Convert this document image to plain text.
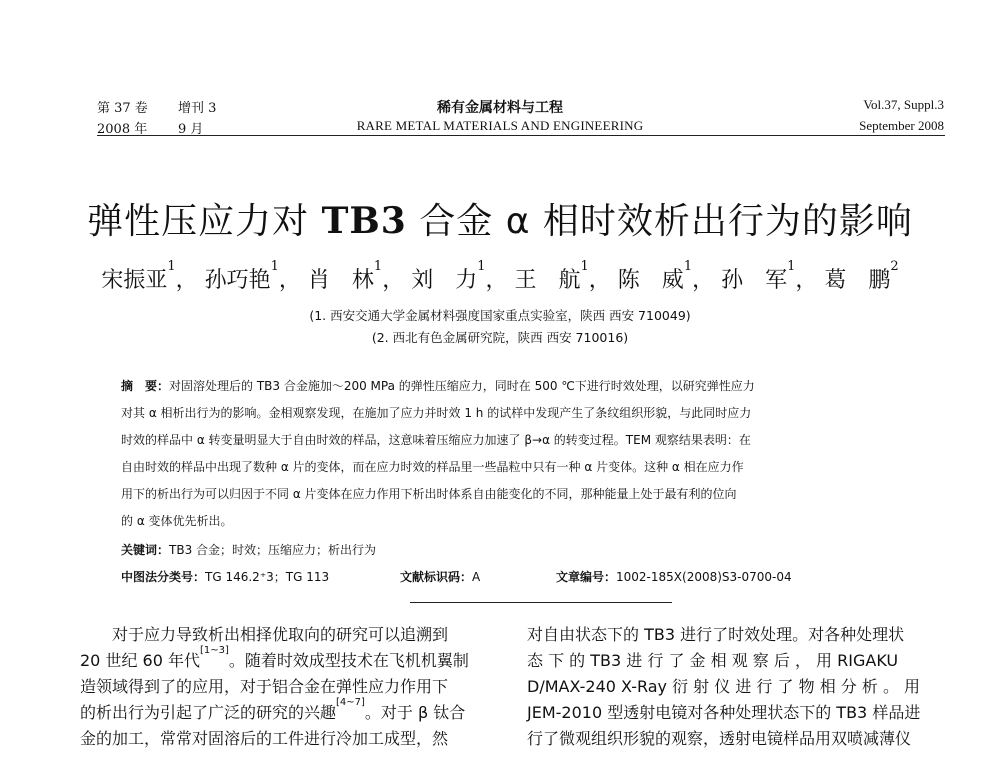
第 37 卷 增刊 3
2008 年 9 月
稀有金属材料与工程
RARE METAL MATERIALS AND ENGINEERING
Vol.37, Suppl.3
September 2008
弹性压应力对 TB3 合金 α 相时效析出行为的影响
宋振亚$^1$， 孙巧艳$^1$， 肖　林$^1$， 刘　力$^1$， 王　航$^1$， 陈　威$^1$， 孙　军$^1$， 葛　鹏$^2$
(1. 西安交通大学金属材料强度国家重点实验室，陕西 西安 710049)
(2. 西北有色金属研究院，陕西 西安 710016)
摘　要：对固溶处理后的 TB3 合金施加～200 MPa 的弹性压缩应力，同时在 500 ℃下进行时效处理，以研究弹性应力
对其 α 相析出行为的影响。金相观察发现，在施加了应力并时效 1 h 的试样中发现产生了条纹组织形貌，与此同时应力
时效的样品中 α 转变量明显大于自由时效的样品，这意味着压缩应力加速了 β→α 的转变过程。TEM 观察结果表明：在
自由时效的样品中出现了数种 α 片的变体，而在应力时效的样品里一些晶粒中只有一种 α 片变体。这种 α 相在应力作
用下的析出行为可以归因于不同 α 片变体在应力作用下析出时体系自由能变化的不同，那种能量上处于最有利的位向
的 α 变体优先析出。
关键词：TB3 合金；时效；压缩应力；析出行为
中图法分类号：TG 146.2⁺3；TG 113	文献标识码：A	文章编号：1002-185X(2008)S3-0700-04
　　对于应力导致析出相择优取向的研究可以追溯到
20 世纪 60 年代[1~3]。随着时效成型技术在飞机机翼制
造领域得到了的应用，对于铝合金在弹性应力作用下
的析出行为引起了广泛的研究的兴趣[4~7]。对于 β 钛合
金的加工，常常对固溶后的工件进行冷加工成型，然
对自由状态下的 TB3 进行了时效处理。对各种处理状
态 下 的 TB3 进 行 了 金 相 观 察 后 ， 用 RIGAKU
D/MAX-240 X-Ray 衍 射 仪 进 行 了 物 相 分 析 。 用
JEM-2010 型透射电镜对各种处理状态下的 TB3 样品进
行了微观组织形貌的观察，透射电镜样品用双喷减薄仪
